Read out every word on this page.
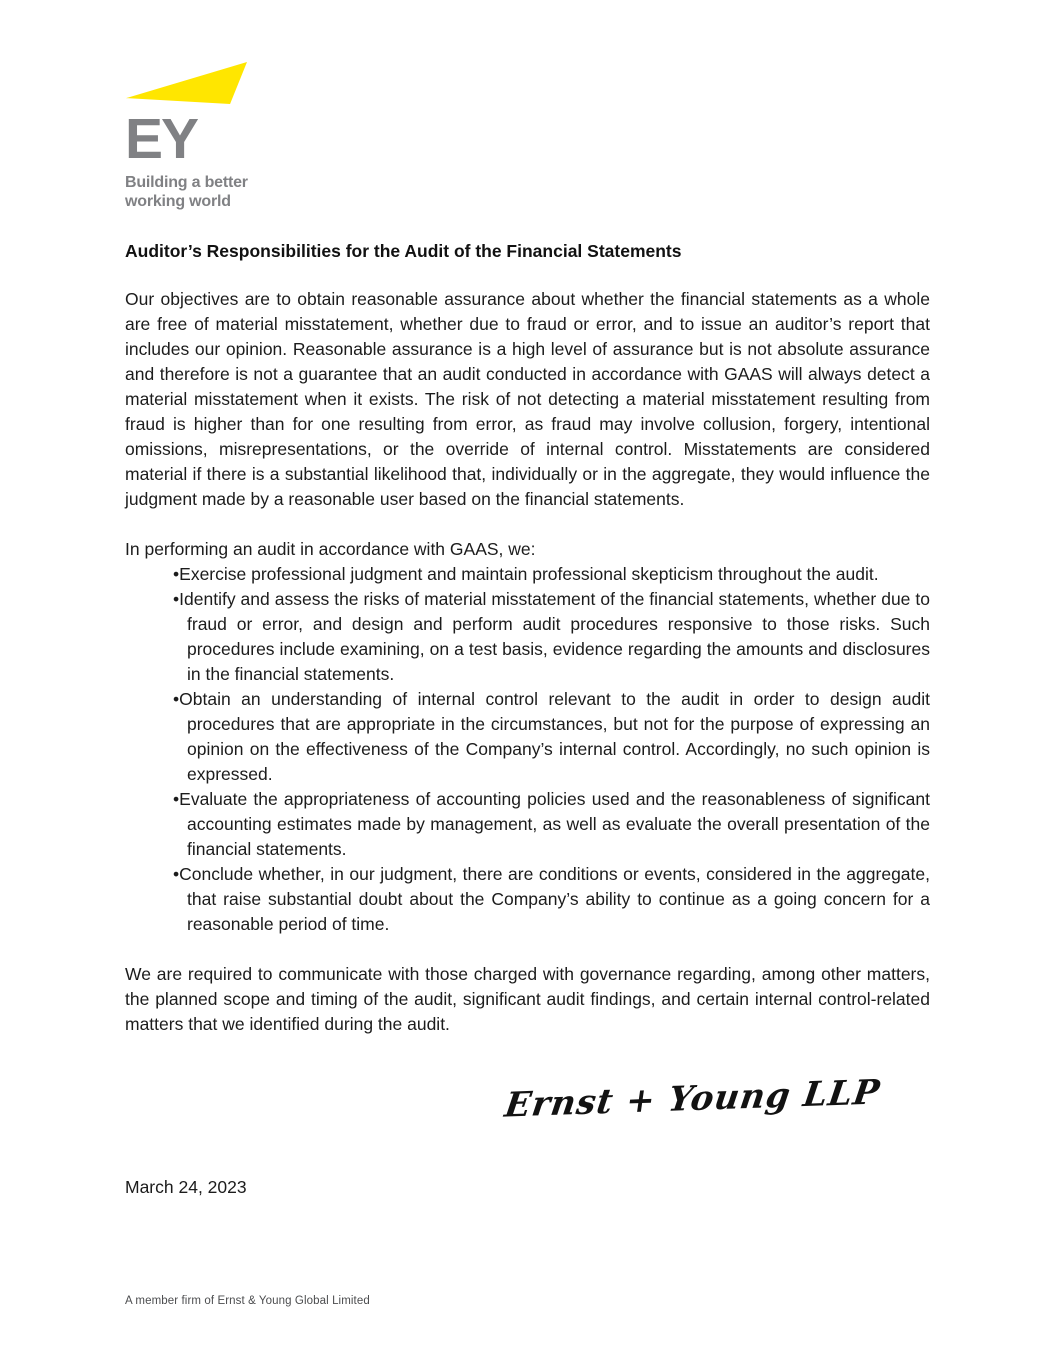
EY
Building a better
working world
Auditor’s Responsibilities for the Audit of the Financial Statements

Our objectives are to obtain reasonable assurance about whether the financial statements as a whole are free of material misstatement, whether due to fraud or error, and to issue an auditor’s report that includes our opinion. Reasonable assurance is a high level of assurance but is not absolute assurance and therefore is not a guarantee that an audit conducted in accordance with GAAS will always detect a material misstatement when it exists. The risk of not detecting a material misstatement resulting from fraud is higher than for one resulting from error, as fraud may involve collusion, forgery, intentional omissions, misrepresentations, or the override of internal control. Misstatements are considered material if there is a substantial likelihood that, individually or in the aggregate, they would influence the judgment made by a reasonable user based on the financial statements.

In performing an audit in accordance with GAAS, we:

•Exercise professional judgment and maintain professional skepticism throughout the audit.
•Identify and assess the risks of material misstatement of the financial statements, whether due to fraud or error, and design and perform audit procedures responsive to those risks. Such procedures include examining, on a test basis, evidence regarding the amounts and disclosures in the financial statements.
•Obtain an understanding of internal control relevant to the audit in order to design audit procedures that are appropriate in the circumstances, but not for the purpose of expressing an opinion on the effectiveness of the Company’s internal control. Accordingly, no such opinion is expressed.
•Evaluate the appropriateness of accounting policies used and the reasonableness of significant accounting estimates made by management, as well as evaluate the overall presentation of the financial statements.
•Conclude whether, in our judgment, there are conditions or events, considered in the aggregate, that raise substantial doubt about the Company’s ability to continue as a going concern for a reasonable period of time.

We are required to communicate with those charged with governance regarding, among other matters, the planned scope and timing of the audit, significant audit findings, and certain internal control-related matters that we identified during the audit.

Ernst + Young LLP
March 24, 2023
A member firm of Ernst & Young Global Limited
